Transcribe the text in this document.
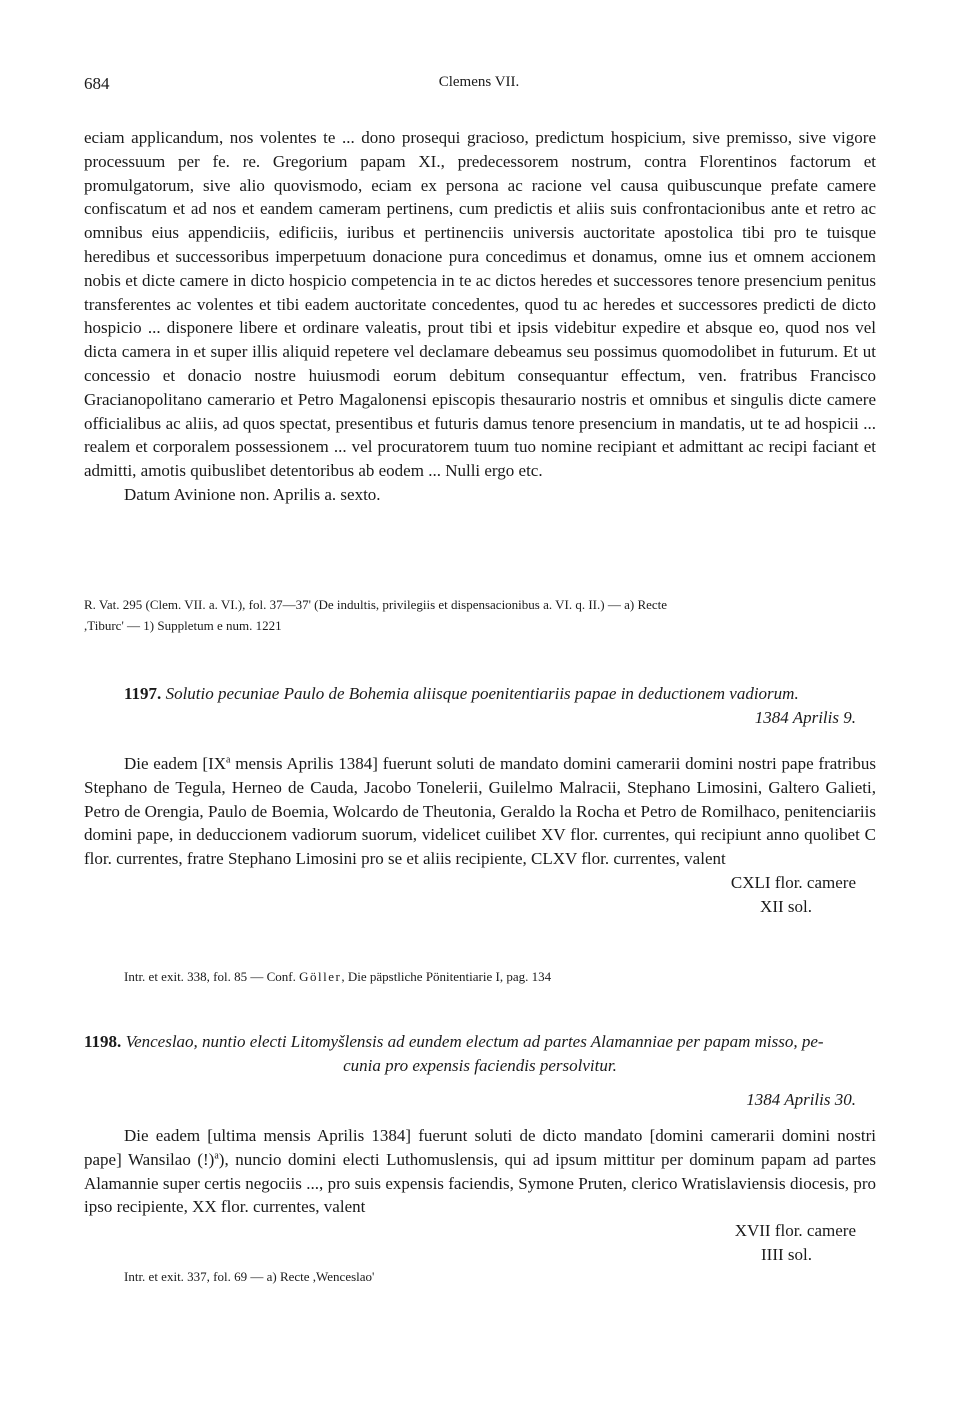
684	Clemens VII.

eciam applicandum, nos volentes te ... dono prosequi gracioso, predictum hospicium, sive premisso, sive vigore processuum per fe. re. Gregorium papam XI., predecessorem nostrum, contra Florentinos factorum et promulgatorum, sive alio quovismodo, eciam ex persona ac racione vel causa quibuscunque prefate camere confiscatum et ad nos et eandem cameram pertinens, cum predictis et aliis suis confrontacionibus ante et retro ac omnibus eius appendiciis, edificiis, iuribus et pertinenciis universis auctoritate apostolica tibi pro te tuisque heredibus et successoribus imperpetuum donacione pura concedimus et donamus, omne ius et omnem accionem nobis et dicte camere in dicto hospicio competencia in te ac dictos heredes et successores tenore presencium penitus transferentes ac volentes et tibi eadem auctoritate concedentes, quod tu ac heredes et successores predicti de dicto hospicio ... disponere libere et ordinare valeatis, prout tibi et ipsis videbitur expedire et absque eo, quod nos vel dicta camera in et super illis aliquid repetere vel declamare debeamus seu possimus quomodolibet in futurum. Et ut concessio et donacio nostre huiusmodi eorum debitum consequantur effectum, ven. fratribus Francisco Gracianopolitano camerario et Petro Magalonensi episcopis thesaurario nostris et omnibus et singulis dicte camere officialibus ac aliis, ad quos spectat, presentibus et futuris damus tenore presencium in mandatis, ut te ad hospicii ... realem et corporalem possessionem ... vel procuratorem tuum tuo nomine recipiant et admittant ac recipi faciant et admitti, amotis quibuslibet detentoribus ab eodem ... Nulli ergo etc.

Datum Avinione non. Aprilis a. sexto.

R. Vat. 295 (Clem. VII. a. VI.), fol. 37—37' (De indultis, privilegiis et dispensacionibus a. VI. q. II.) — a) Recte

,Tiburc' — 1) Suppletum e num. 1221

1197. Solutio pecuniae Paulo de Bohemia aliisque poenitentiariis papae in deductionem vadiorum.

1384 Aprilis 9.

Die eadem [$IX^a$ mensis Aprilis 1384] fuerunt soluti de mandato domini camerarii domini nostri pape fratribus Stephano de Tegula, Herneo de Cauda, Jacobo Tonelerii, Guilelmo Malracii, Stephano Limosini, Galtero Galieti, Petro de Orengia, Paulo de Boemia, Wolcardo de Theutonia, Geraldo la Rocha et Petro de Romilhaco, penitenciariis domini pape, in deduccionem vadiorum suorum, videlicet cuilibet XV flor. currentes, qui recipiunt anno quolibet C flor. currentes, fratre Stephano Limosini pro se et aliis recipiente, CLXV flor. currentes, valent

CXLI flor. camere

XII sol.

Intr. et exit. 338, fol. 85 — Conf. Göller, Die päpstliche Pönitentiarie I, pag. 134

1198. Venceslao, nuntio electi Litomyšlensis ad eundem electum ad partes Alamanniae per papam misso, pe-

cunia pro expensis faciendis persolvitur.

1384 Aprilis 30.

Die eadem [ultima mensis Aprilis 1384] fuerunt soluti de dicto mandato [domini camerarii domini nostri pape] Wansilao (!)$^a$), nuncio domini electi Luthomuslensis, qui ad ipsum mittitur per dominum papam ad partes Alamannie super certis negociis ..., pro suis expensis faciendis, Symone Pruten, clerico Wratislaviensis diocesis, pro ipso recipiente, XX flor. currentes, valent

XVII flor. camere

IIII sol.

Intr. et exit. 337, fol. 69 — a) Recte ,Wenceslao'
